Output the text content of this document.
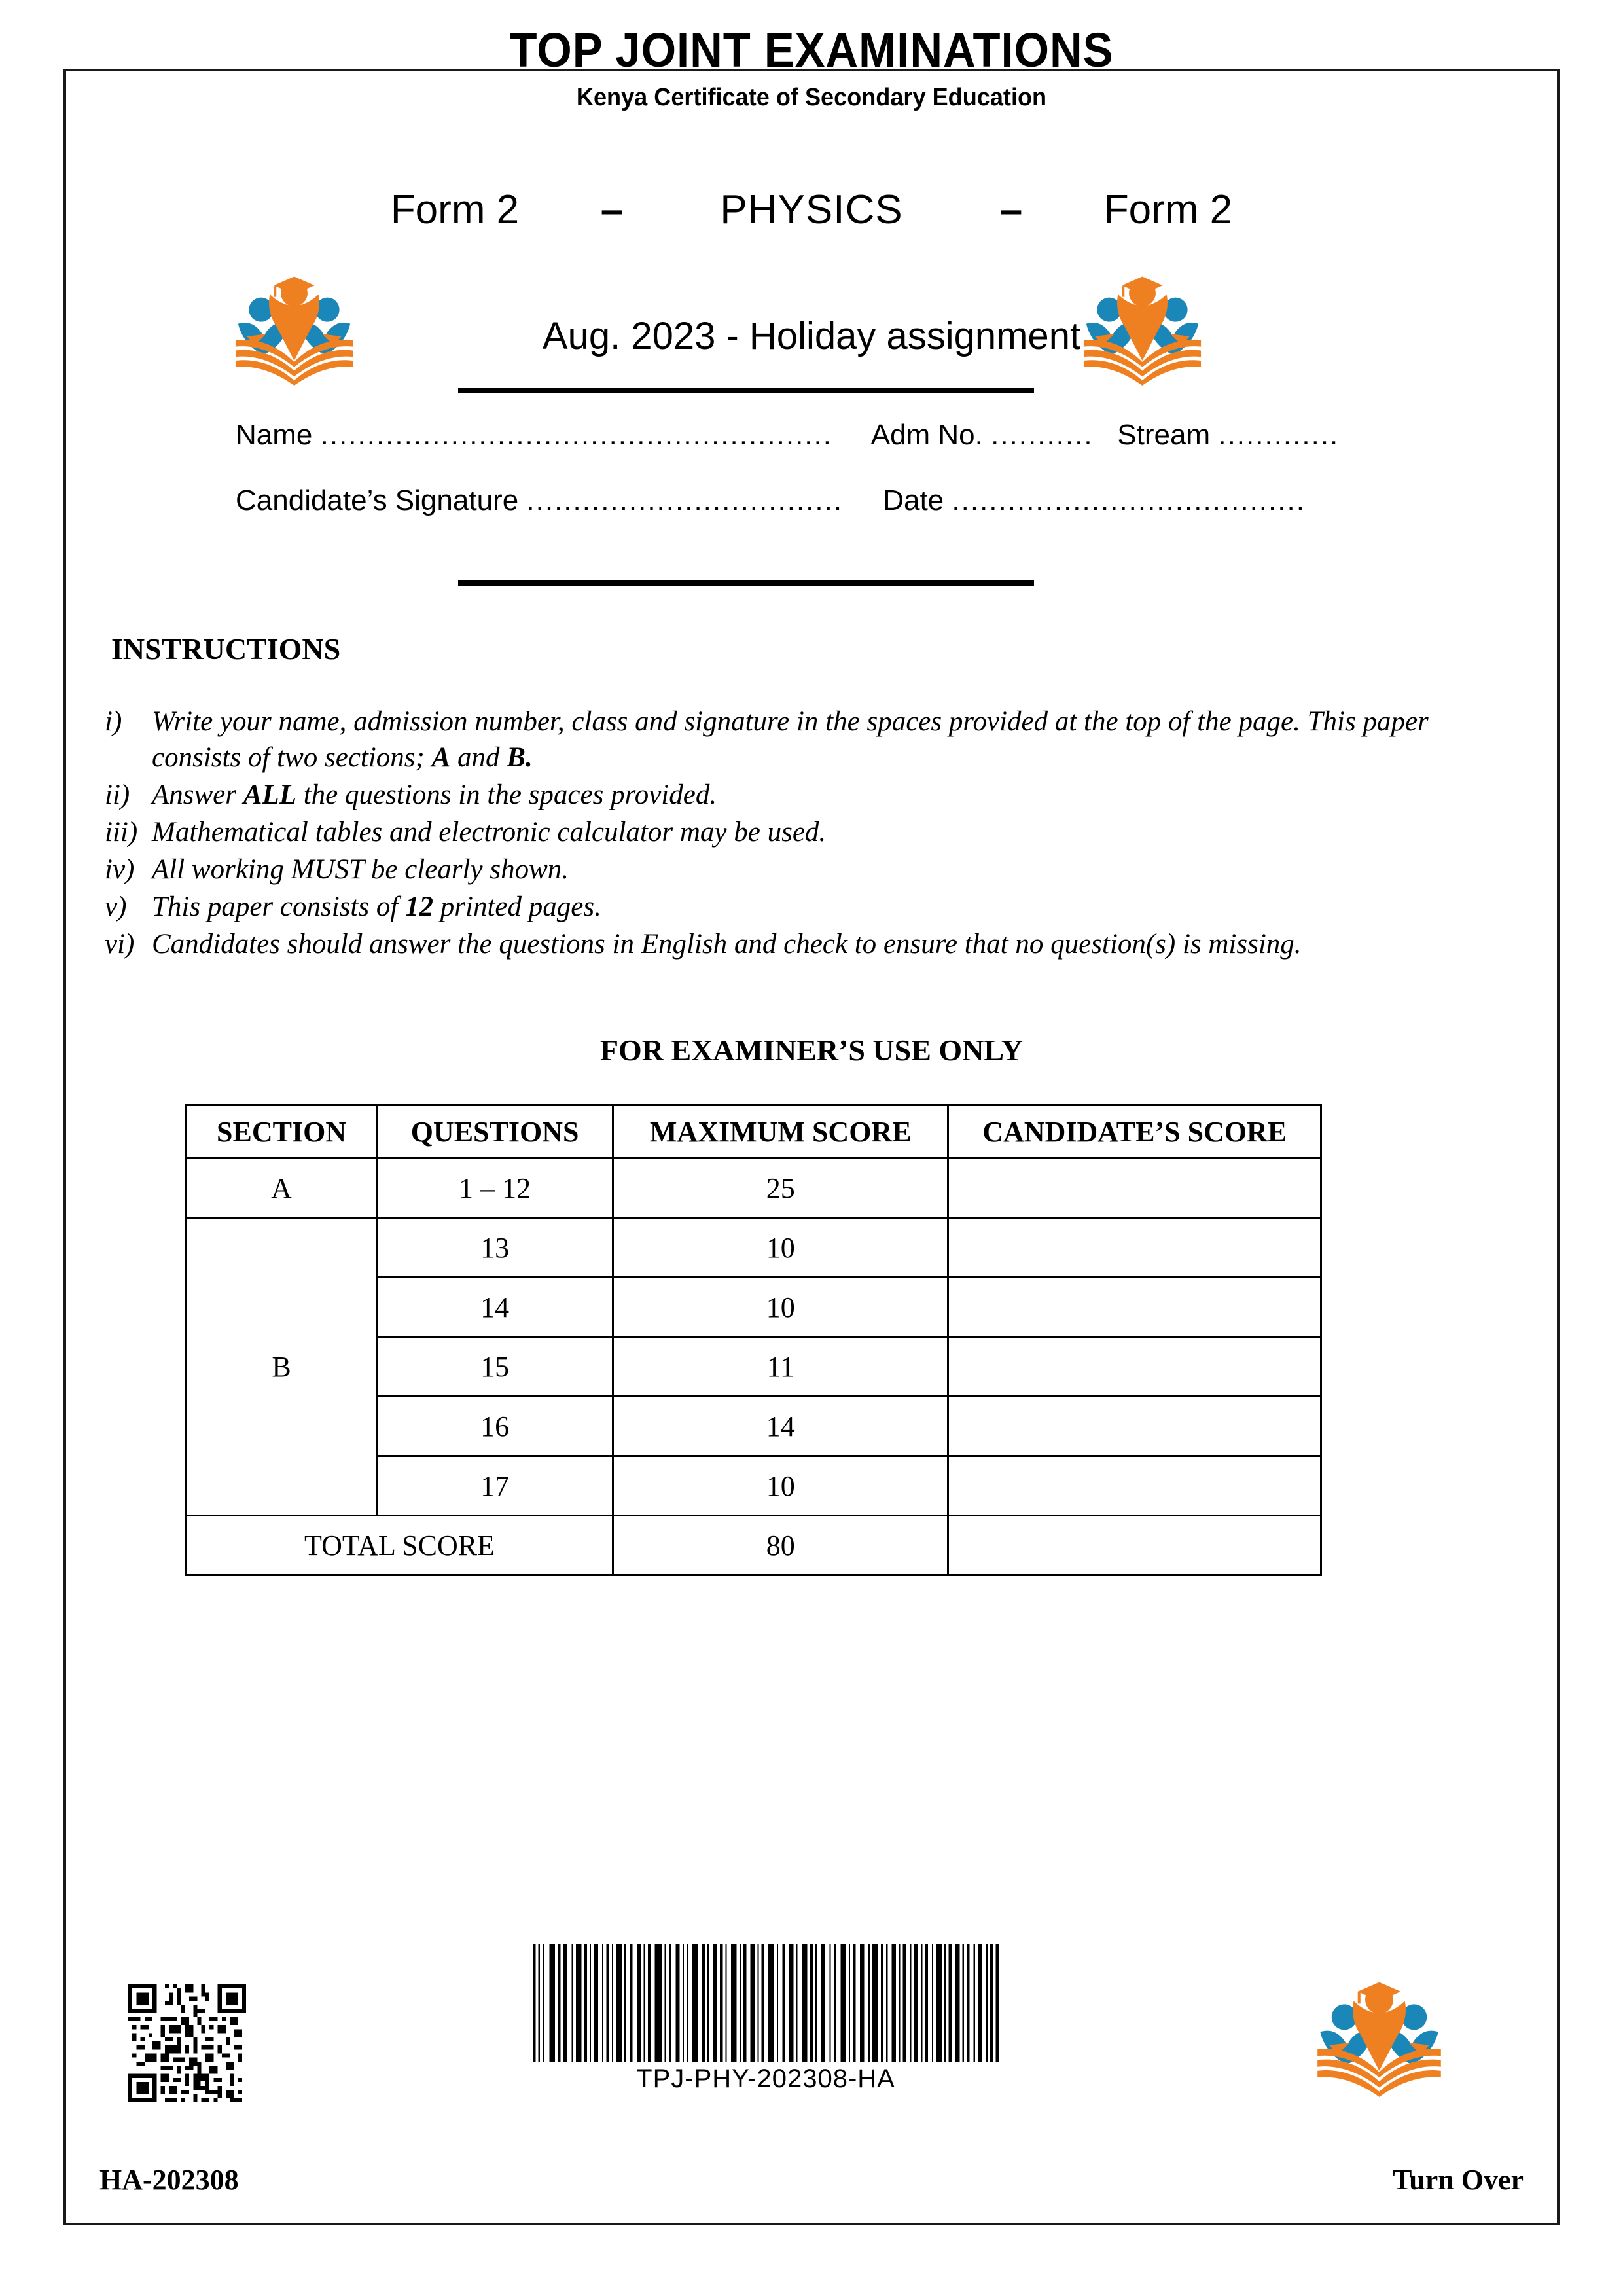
TOP JOINT EXAMINATIONS
Kenya Certificate of Secondary Education
Form 2	–	PHYSICS	–	Form 2
Aug. 2023 - Holiday assignment
Name ....................................................... Adm No. ........... Stream .............
Candidate’s Signature .................................. Date ......................................
INSTRUCTIONS
i)	Write your name, admission number, class and signature in the spaces provided at the top of the page. This paper consists of two sections; A and B.
ii) Answer ALL the questions in the spaces provided.
iii) Mathematical tables and electronic calculator may be used.
iv) All working MUST be clearly shown.
v) This paper consists of 12 printed pages.
vi) Candidates should answer the questions in English and check to ensure that no question(s) is missing.
FOR EXAMINER’S USE ONLY
SECTION	QUESTIONS	MAXIMUM SCORE	CANDIDATE’S SCORE
A	1 – 12	25	
B	13	10	
	14	10	
	15	11	
	16	14	
	17	10	
TOTAL SCORE		80	
TPJ-PHY-202308-HA
HA-202308	Turn Over
